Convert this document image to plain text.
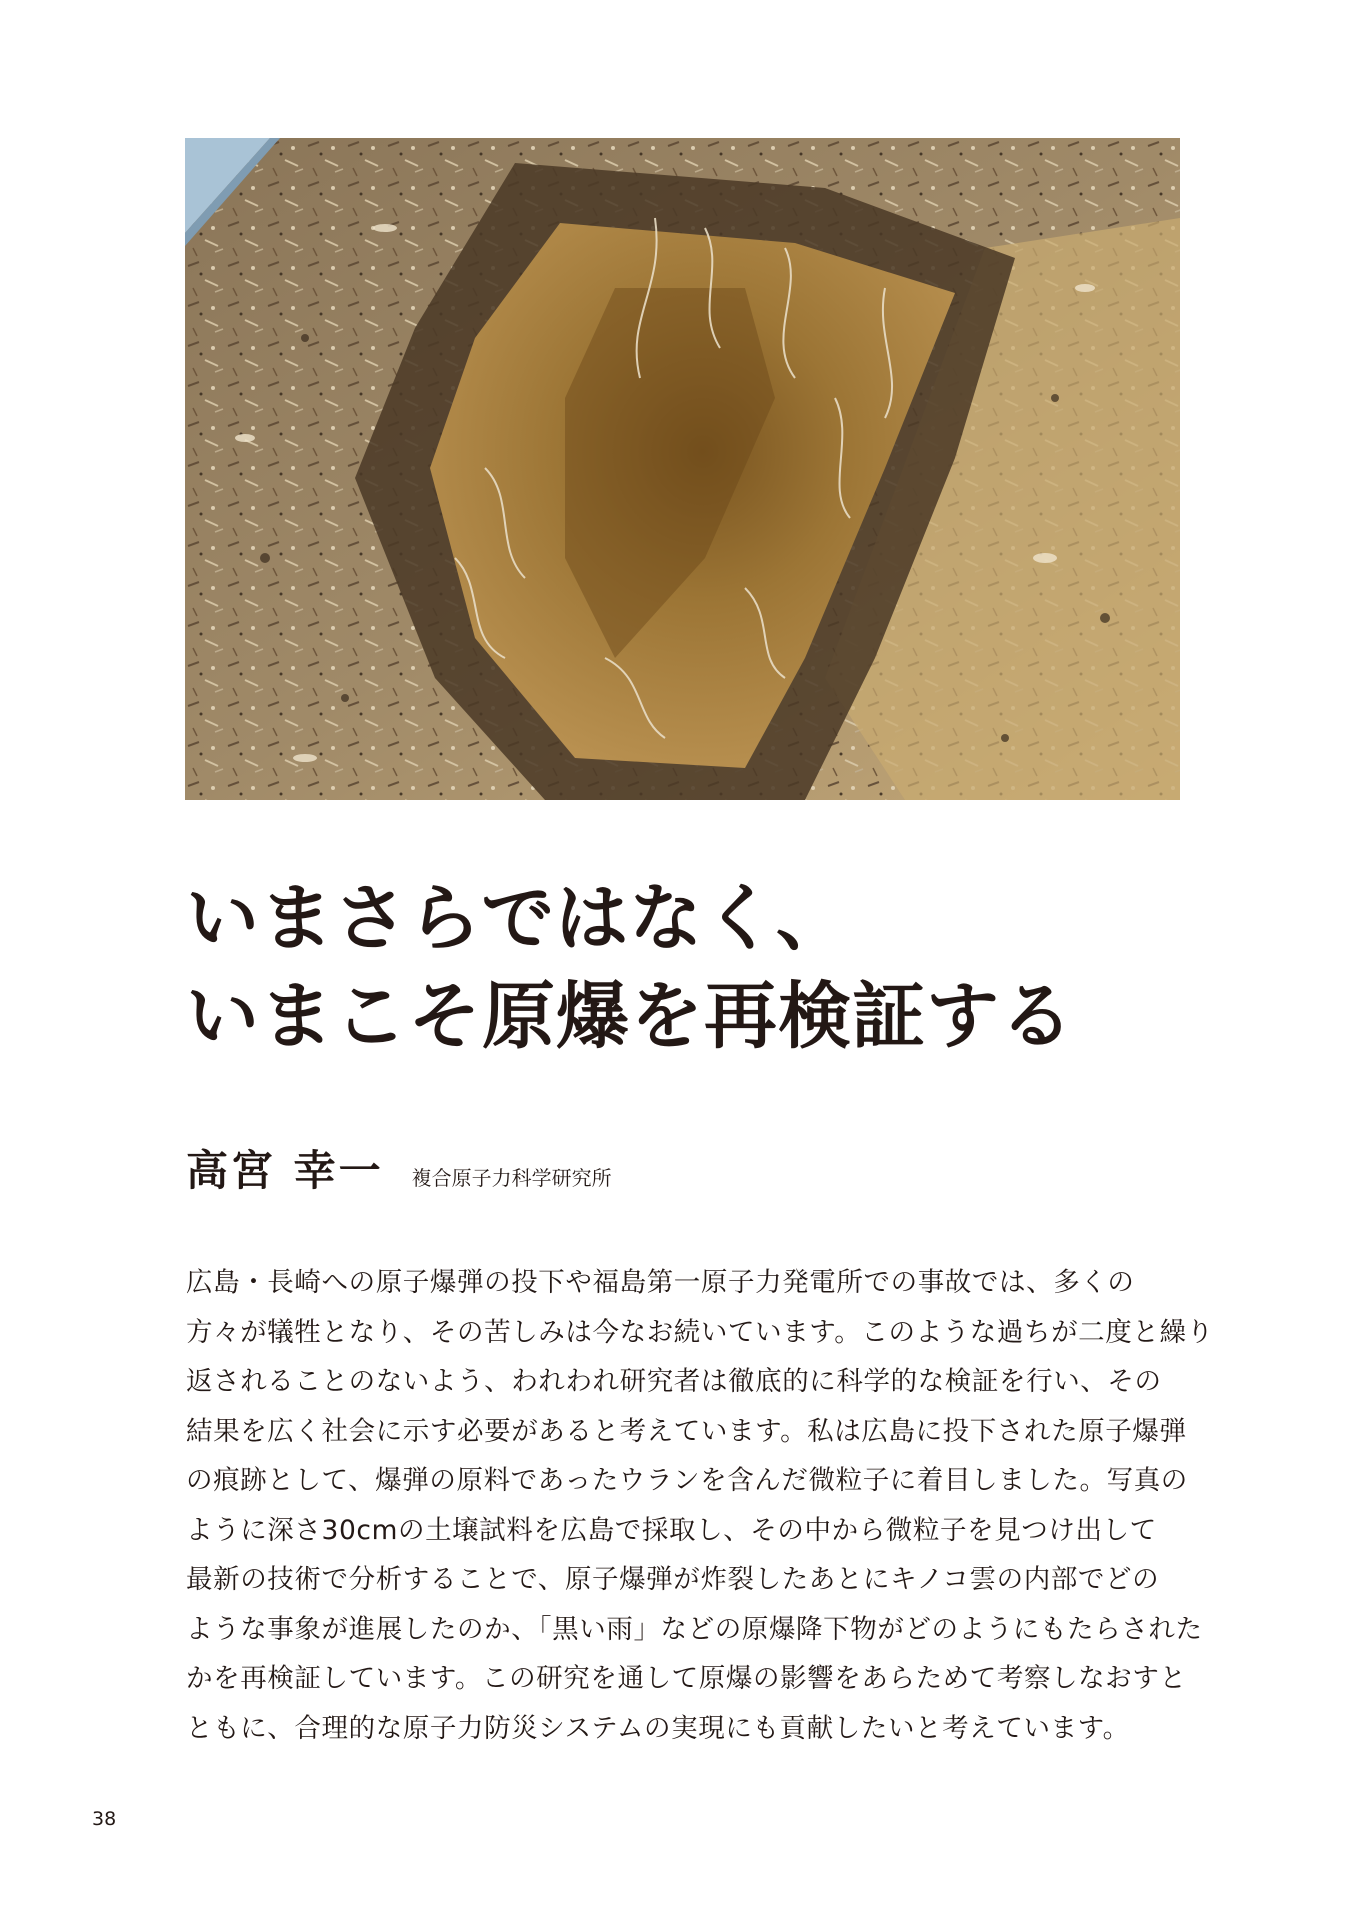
いまさらではなく、
いまこそ原爆を再検証する
高宮 幸一 複合原子力科学研究所
広島・長崎への原子爆弾の投下や福島第一原子力発電所での事故では、多くの
方々が犠牲となり、その苦しみは今なお続いています。このような過ちが二度と繰り
返されることのないよう、われわれ研究者は徹底的に科学的な検証を行い、その
結果を広く社会に示す必要があると考えています。私は広島に投下された原子爆弾
の痕跡として、爆弾の原料であったウランを含んだ微粒子に着目しました。写真の
ように深さ30cmの土壌試料を広島で採取し、その中から微粒子を見つけ出して
最新の技術で分析することで、原子爆弾が炸裂したあとにキノコ雲の内部でどの
ような事象が進展したのか、「黒い雨」などの原爆降下物がどのようにもたらされた
かを再検証しています。この研究を通して原爆の影響をあらためて考察しなおすと
ともに、合理的な原子力防災システムの実現にも貢献したいと考えています。
38
